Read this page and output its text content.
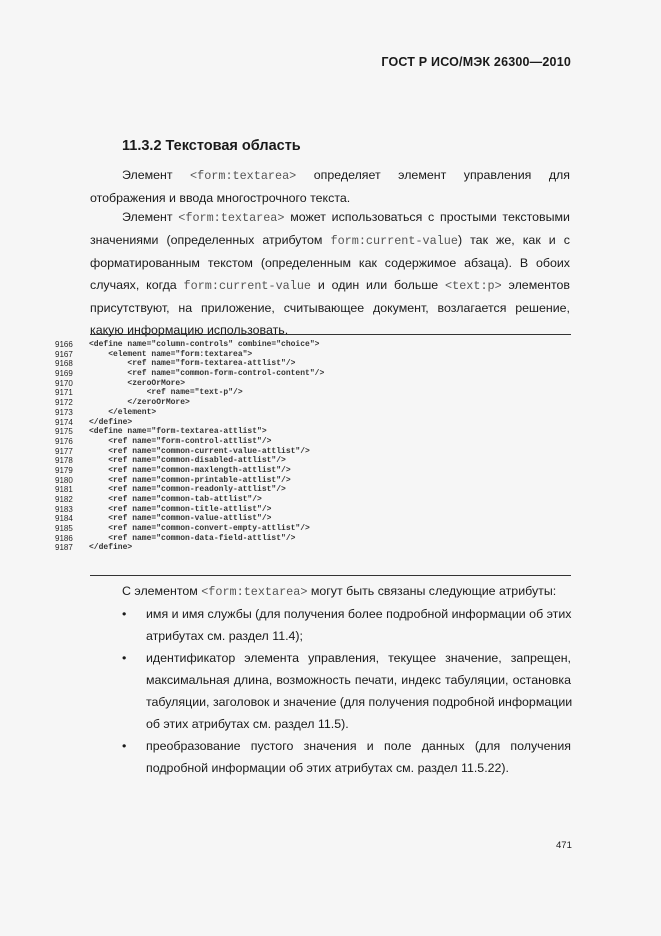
ГОСТ Р ИСО/МЭК 26300—2010
11.3.2 Текстовая область
Элемент <form:textarea> определяет элемент управления для
отображения и ввода многострочного текста.
Элемент <form:textarea> может использоваться с простыми текстовыми
значениями (определенных атрибутом form:current-value) так же, как и с
форматированным текстом (определенным как содержимое абзаца). В обоих
случаях, когда form:current-value и один или больше <text:p> элементов
присутствуют, на приложение, считывающее документ, возлагается решение,
какую информацию использовать.
9166	<define name="column-controls" combine="choice">
9167	<element name="form:textarea">
9168	<ref name="form-textarea-attlist"/>
9169	<ref name="common-form-control-content"/>
9170	<zeroOrMore>
9171	<ref name="text-p"/>
9172	</zeroOrMore>
9173	</element>
9174	</define>
9175	<define name="form-textarea-attlist">
9176	<ref name="form-control-attlist"/>
9177	<ref name="common-current-value-attlist"/>
9178	<ref name="common-disabled-attlist"/>
9179	<ref name="common-maxlength-attlist"/>
9180	<ref name="common-printable-attlist"/>
9181	<ref name="common-readonly-attlist"/>
9182	<ref name="common-tab-attlist"/>
9183	<ref name="common-title-attlist"/>
9184	<ref name="common-value-attlist"/>
9185	<ref name="common-convert-empty-attlist"/>
9186	<ref name="common-data-field-attlist"/>
9187	</define>
С элементом <form:textarea> могут быть связаны следующие атрибуты:
• имя и имя службы (для получения более подробной информации об этих
атрибутах см. раздел 11.4);
• идентификатор элемента управления, текущее значение, запрещен,
максимальная длина, возможность печати, индекс табуляции, остановка
табуляции, заголовок и значение (для получения подробной информации
об этих атрибутах см. раздел 11.5).
• преобразование пустого значения и поле данных (для получения
подробной информации об этих атрибутах см. раздел 11.5.22).
471
